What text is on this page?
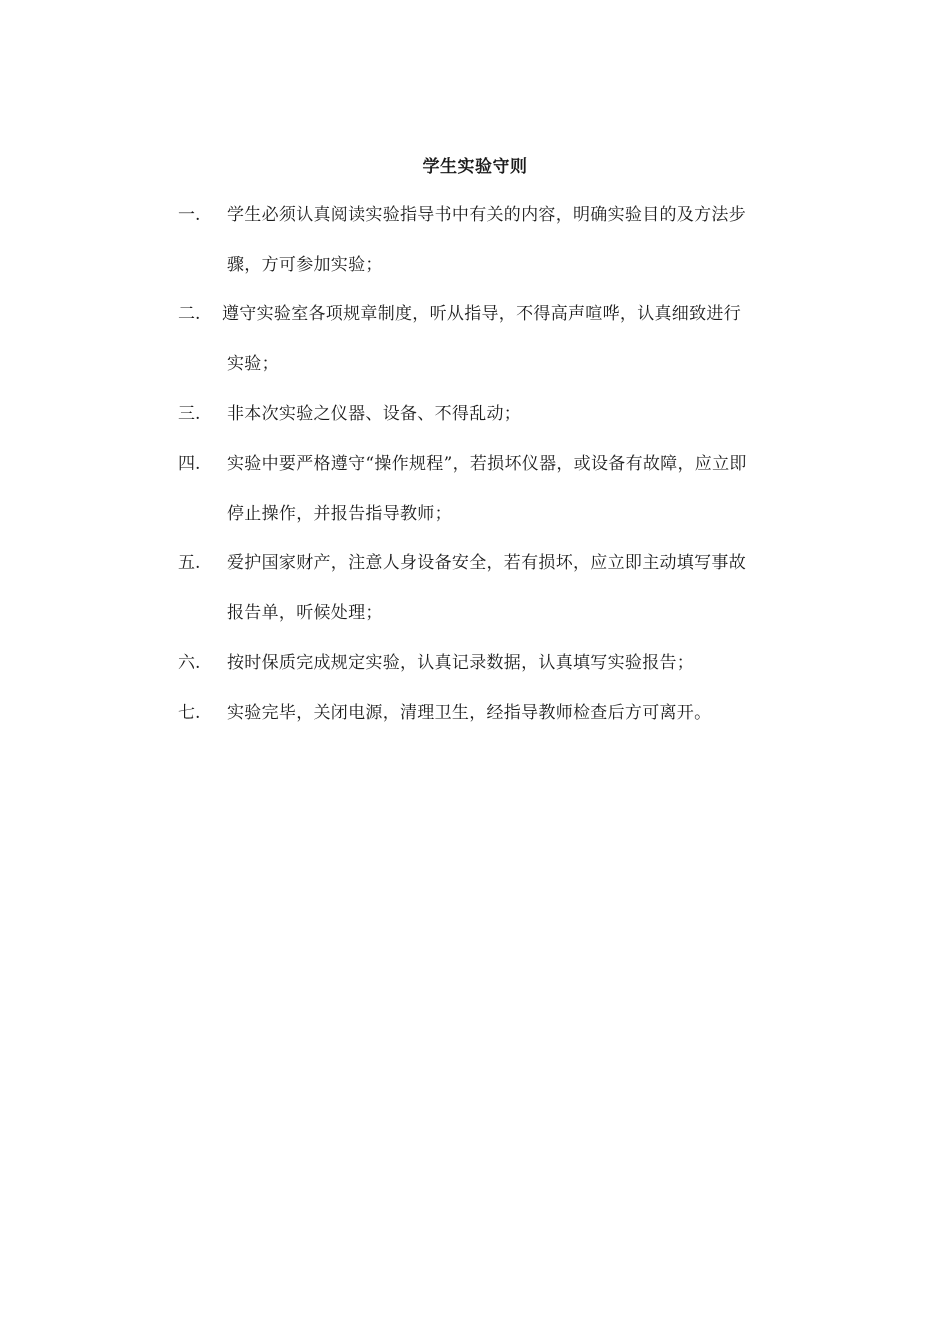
学生实验守则
一. 学生必须认真阅读实验指导书中有关的内容，明确实验目的及方法步
骤，方可参加实验；
二. 遵守实验室各项规章制度，听从指导，不得高声喧哗，认真细致进行
实验；
三. 非本次实验之仪器、设备、不得乱动；
四. 实验中要严格遵守“操作规程”，若损坏仪器，或设备有故障，应立即
停止操作，并报告指导教师；
五. 爱护国家财产，注意人身设备安全，若有损坏，应立即主动填写事故
报告单，听候处理；
六. 按时保质完成规定实验，认真记录数据，认真填写实验报告；
七. 实验完毕，关闭电源，清理卫生，经指导教师检查后方可离开。
